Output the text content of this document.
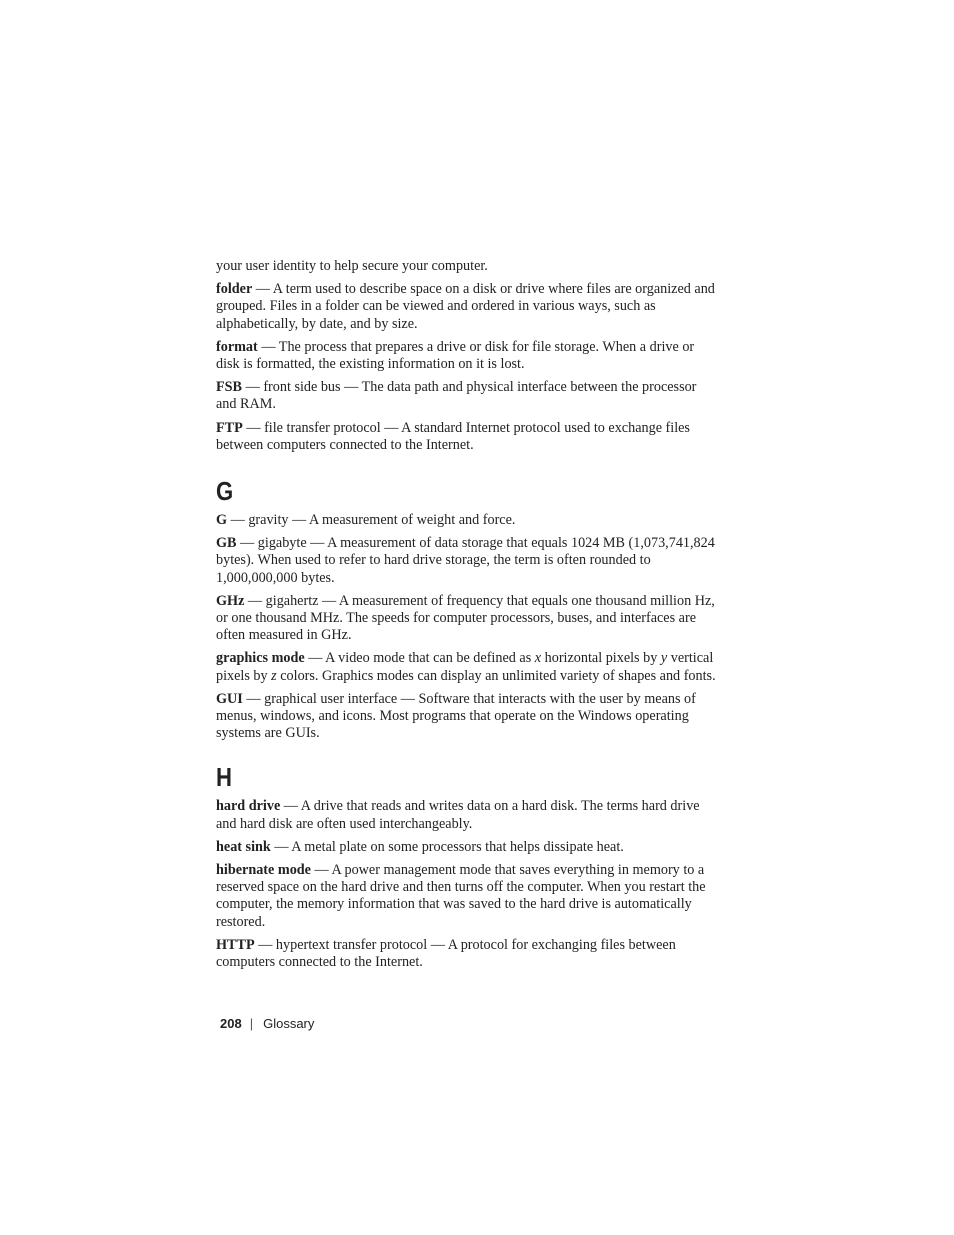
your user identity to help secure your computer.

folder — A term used to describe space on a disk or drive where files are organized and grouped. Files in a folder can be viewed and ordered in various ways, such as alphabetically, by date, and by size.

format — The process that prepares a drive or disk for file storage. When a drive or disk is formatted, the existing information on it is lost.

FSB — front side bus — The data path and physical interface between the processor and RAM.

FTP — file transfer protocol — A standard Internet protocol used to exchange files between computers connected to the Internet.

G

G — gravity — A measurement of weight and force.

GB — gigabyte — A measurement of data storage that equals 1024 MB (1,073,741,824 bytes). When used to refer to hard drive storage, the term is often rounded to 1,000,000,000 bytes.

GHz — gigahertz — A measurement of frequency that equals one thousand million Hz, or one thousand MHz. The speeds for computer processors, buses, and interfaces are often measured in GHz.

graphics mode — A video mode that can be defined as x horizontal pixels by y vertical pixels by z colors. Graphics modes can display an unlimited variety of shapes and fonts.

GUI — graphical user interface — Software that interacts with the user by means of menus, windows, and icons. Most programs that operate on the Windows operating systems are GUIs.

H

hard drive — A drive that reads and writes data on a hard disk. The terms hard drive and hard disk are often used interchangeably.

heat sink — A metal plate on some processors that helps dissipate heat.

hibernate mode — A power management mode that saves everything in memory to a reserved space on the hard drive and then turns off the computer. When you restart the computer, the memory information that was saved to the hard drive is automatically restored.

HTTP — hypertext transfer protocol — A protocol for exchanging files between computers connected to the Internet.

208 | Glossary
